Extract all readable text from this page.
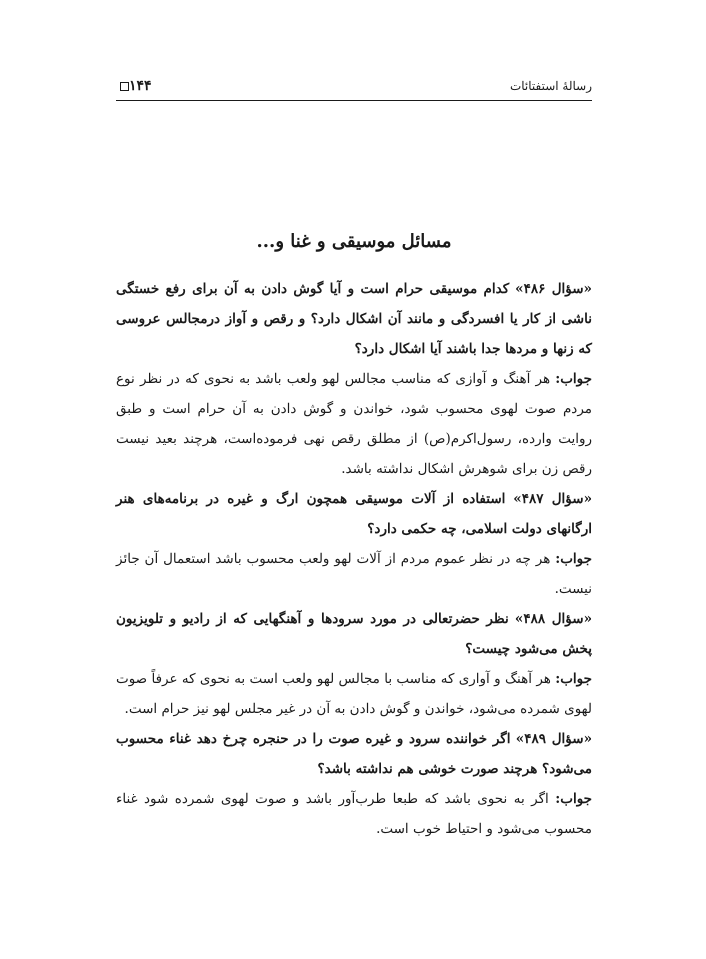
۱۴۴	رسالهٔ استفتائات
مسائل موسیقی و غنا و...

«سؤال ۴۸۶» کدام موسیقی حرام است و آیا گوش دادن به آن برای رفع خستگی ناشی از کار یا افسردگی و مانند آن اشکال دارد؟ و رقص و آواز درمجالس عروسی که زنها و مردها جدا باشند آیا اشکال دارد؟

جواب: هر آهنگ و آوازی که مناسب مجالس لهو ولعب باشد به نحوی که در نظر نوع مردم صوت لهوی محسوب شود، خواندن و گوش دادن به آن حرام است و طبق روایت وارده، رسول‌اکرم(ص) از مطلق رقص نهی فرموده‌است، هرچند بعید نیست رقص زن برای شوهرش اشکال نداشته باشد.

«سؤال ۴۸۷» استفاده از آلات موسیقی همچون ارگ و غیره در برنامه‌های هنر ارگانهای دولت اسلامی، چه حکمی دارد؟

جواب: هر چه در نظر عموم مردم از آلات لهو ولعب محسوب باشد استعمال آن جائز نیست.

«سؤال ۴۸۸» نظر حضرتعالی در مورد سرودها و آهنگهایی که از رادیو و تلویزیون پخش می‌شود چیست؟

جواب: هر آهنگ و آواری که مناسب با مجالس لهو ولعب است به نحوی که عرفاً صوت لهوی شمرده می‌شود، خواندن و گوش دادن به آن در غیر مجلس لهو نیز حرام است.

«سؤال ۴۸۹» اگر خواننده سرود و غیره صوت را در حنجره چرخ دهد غناء محسوب می‌شود؟ هرچند صورت خوشی هم نداشته باشد؟

جواب: اگر به نحوی باشد که طبعا طرب‌آور باشد و صوت لهوی شمرده شود غناء محسوب می‌شود و احتیاط خوب است.
